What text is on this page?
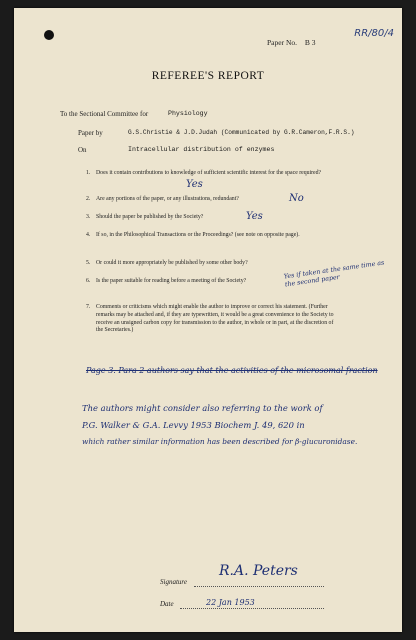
RR/80/4
Paper No. B 3
REFEREE'S REPORT
To the Sectional Committee for	Physiology
Paper by	G.S.Christie & J.D.Judah (Communicated by G.R.Cameron,F.R.S.)
On	Intracellular distribution of enzymes
1. Does it contain contributions to knowledge of sufficient scientific interest for the space required?
Yes
2. Are any portions of the paper, or any illustrations, redundant?	No
3. Should the paper be published by the Society?	Yes
4. If so, in the Philosophical Transactions or the Proceedings? (see note on opposite page).
5. Or could it more appropriately be published by some other body?
6. Is the paper suitable for reading before a meeting of the Society?
Yes if taken at the same time as the second paper
7. Comments or criticisms which might enable the author to improve or correct his statement. (Further remarks may be attached and, if they are typewritten, it would be a great convenience to the Society to receive an unsigned carbon copy for transmission to the author, in whole or in part, at the discretion of the Secretaries.)
Page 3. Para 2 authors say that the activities of the microsomal fraction
The authors might consider also referring to the work of
P.G. Walker & G.A. Levvy 1953 Biochem J. 49, 620 in
which rather similar information has been described for β-glucuronidase.
Signature
R.A. Peters
Date	22 Jan 1953
